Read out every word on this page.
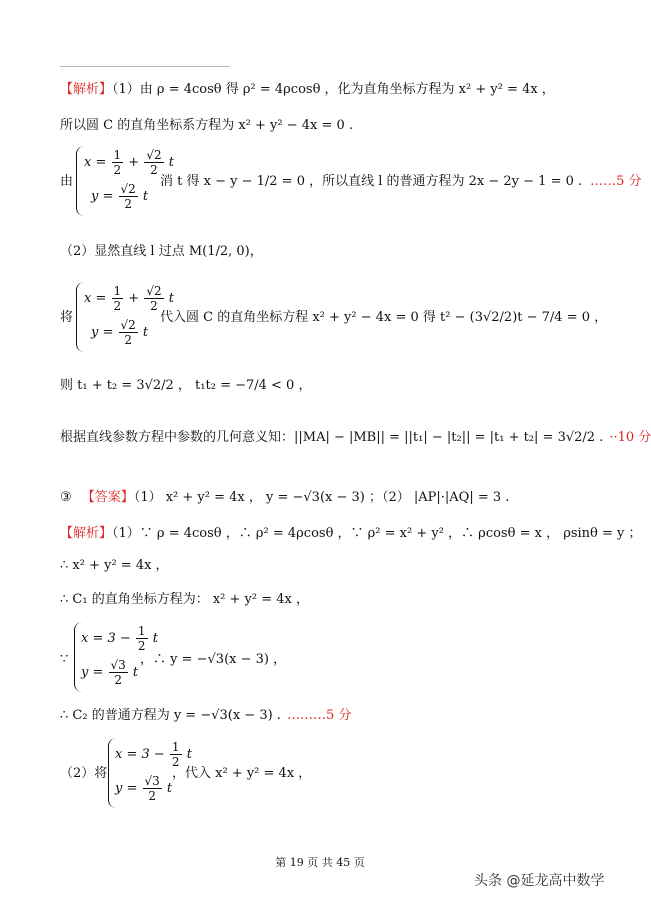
【解析】（1）由 ρ = 4cosθ 得 ρ² = 4ρcosθ ，化为直角坐标方程为 x² + y² = 4x ，
所以圆 C 的直角坐标系方程为 x² + y² − 4x = 0 .
由
$x = \frac{1}{2} + \frac{√2}{2}$ t
$y = \frac{√2}{2}$ t
消 t 得 x − y − 1/2 = 0 ，所以直线 l 的普通方程为 2x − 2y − 1 = 0 . ……5 分
（2）显然直线 l 过点 M(1/2, 0)，
将
$x = \frac{1}{2} + \frac{√2}{2}$ t
$y = \frac{√2}{2}$ t
代入圆 C 的直角坐标方程 x² + y² − 4x = 0 得 t² − (3√2/2)t − 7/4 = 0 ，
则 t₁ + t₂ = 3√2/2 ， t₁t₂ = −7/4 < 0 ，
根据直线参数方程中参数的几何意义知：||MA| − |MB|| = ||t₁| − |t₂|| = |t₁ + t₂| = 3√2/2 . ··10 分
③ 【答案】（1） x² + y² = 4x ， y = −√3(x − 3) ；（2） |AP|·|AQ| = 3 .
【解析】（1）∵ ρ = 4cosθ ，∴ ρ² = 4ρcosθ ，∵ ρ² = x² + y² ，∴ ρcosθ = x ， ρsinθ = y ；
∴ x² + y² = 4x ，
∴ C₁ 的直角坐标方程为： x² + y² = 4x ，
∵
$x = 3 - \frac{1}{2}$ t
$y = \frac{√3}{2}$ t
，∴ y = −√3(x − 3) ，
∴ C₂ 的普通方程为 y = −√3(x − 3) . ………5 分
（2）将
$x = 3 - \frac{1}{2}$ t
$y = \frac{√3}{2}$ t
，代入 x² + y² = 4x ，
第 19 页 共 45 页
头条 @延龙高中数学
